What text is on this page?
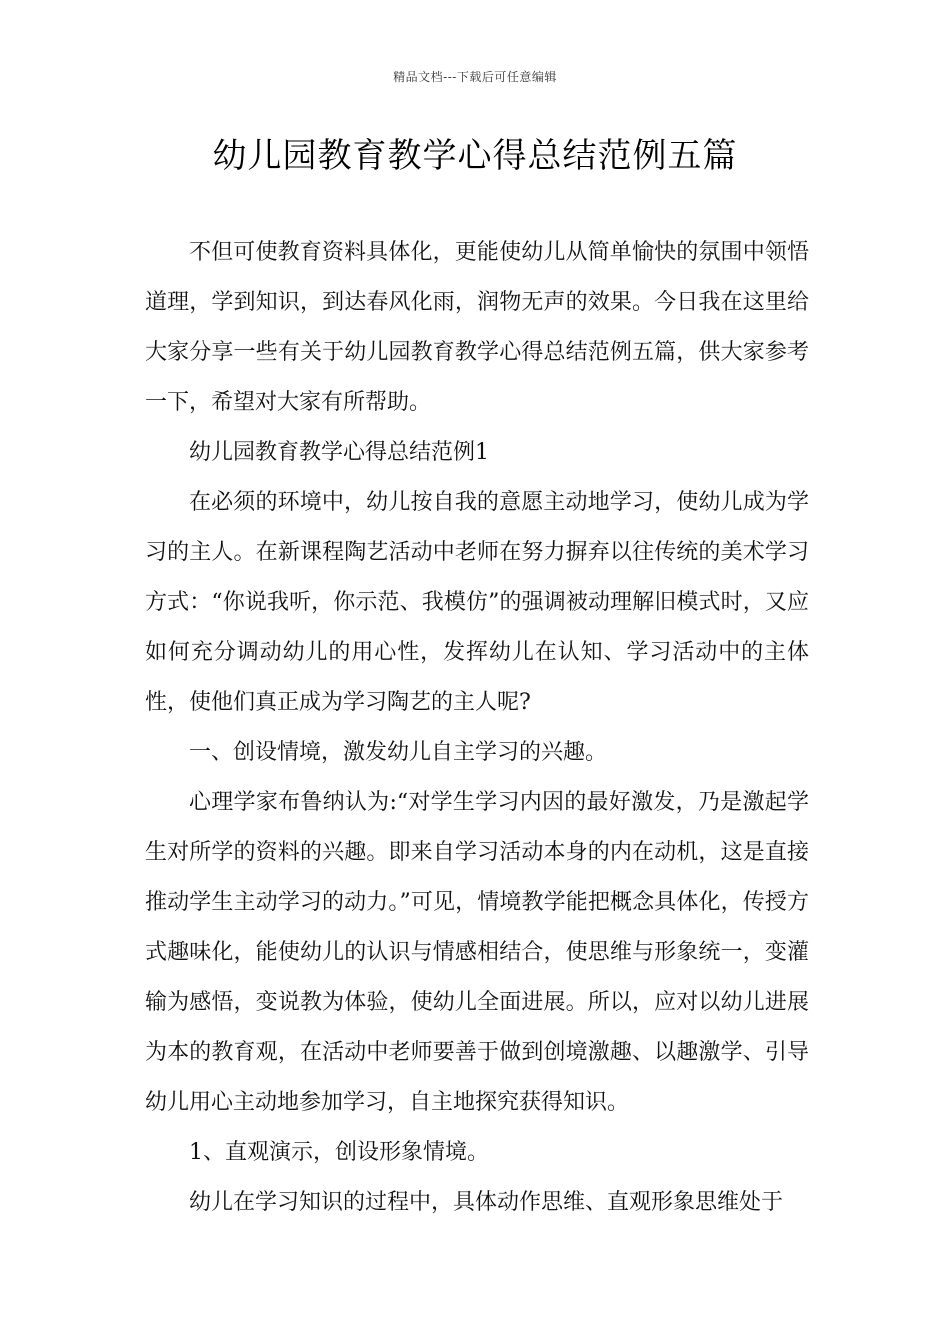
精品文档---下载后可任意编辑
幼儿园教育教学心得总结范例五篇

不但可使教育资料具体化，更能使幼儿从简单愉快的氛围中领悟道理，学到知识，到达春风化雨，润物无声的效果。今日我在这里给大家分享一些有关于幼儿园教育教学心得总结范例五篇，供大家参考一下，希望对大家有所帮助。

幼儿园教育教学心得总结范例1

在必须的环境中，幼儿按自我的意愿主动地学习，使幼儿成为学习的主人。在新课程陶艺活动中老师在努力摒弃以往传统的美术学习方式：“你说我听，你示范、我模仿”的强调被动理解旧模式时，又应如何充分调动幼儿的用心性，发挥幼儿在认知、学习活动中的主体性，使他们真正成为学习陶艺的主人呢?

一、创设情境，激发幼儿自主学习的兴趣。

心理学家布鲁纳认为:“对学生学习内因的最好激发，乃是激起学生对所学的资料的兴趣。即来自学习活动本身的内在动机，这是直接推动学生主动学习的动力。”可见，情境教学能把概念具体化，传授方式趣味化，能使幼儿的认识与情感相结合，使思维与形象统一，变灌输为感悟，变说教为体验，使幼儿全面进展。所以，应对以幼儿进展为本的教育观，在活动中老师要善于做到创境激趣、以趣激学、引导幼儿用心主动地参加学习，自主地探究获得知识。

1、直观演示，创设形象情境。

幼儿在学习知识的过程中，具体动作思维、直观形象思维处于
